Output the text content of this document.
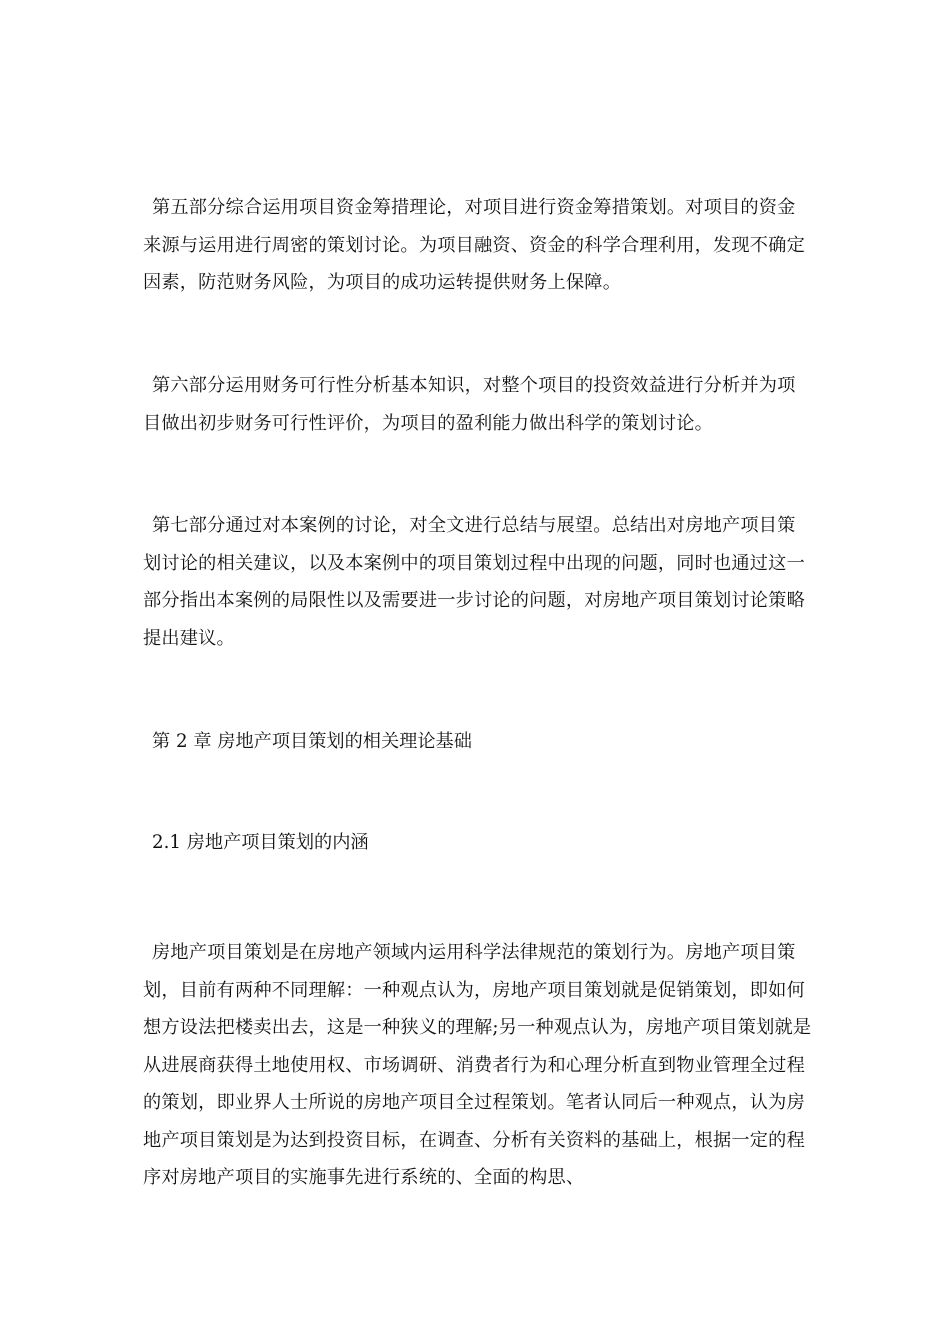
第五部分综合运用项目资金筹措理论，对项目进行资金筹措策划。对项目的资金来源与运用进行周密的策划讨论。为项目融资、资金的科学合理利用，发现不确定因素，防范财务风险，为项目的成功运转提供财务上保障。

第六部分运用财务可行性分析基本知识，对整个项目的投资效益进行分析并为项目做出初步财务可行性评价，为项目的盈利能力做出科学的策划讨论。

第七部分通过对本案例的讨论，对全文进行总结与展望。总结出对房地产项目策划讨论的相关建议，以及本案例中的项目策划过程中出现的问题，同时也通过这一部分指出本案例的局限性以及需要进一步讨论的问题，对房地产项目策划讨论策略提出建议。

第 2 章 房地产项目策划的相关理论基础
2.1 房地产项目策划的内涵

房地产项目策划是在房地产领域内运用科学法律规范的策划行为。房地产项目策划，目前有两种不同理解：一种观点认为，房地产项目策划就是促销策划，即如何想方设法把楼卖出去，这是一种狭义的理解;另一种观点认为，房地产项目策划就是从进展商获得土地使用权、市场调研、消费者行为和心理分析直到物业管理全过程的策划，即业界人士所说的房地产项目全过程策划。笔者认同后一种观点，认为房地产项目策划是为达到投资目标，在调查、分析有关资料的基础上，根据一定的程序对房地产项目的实施事先进行系统的、全面的构思、
